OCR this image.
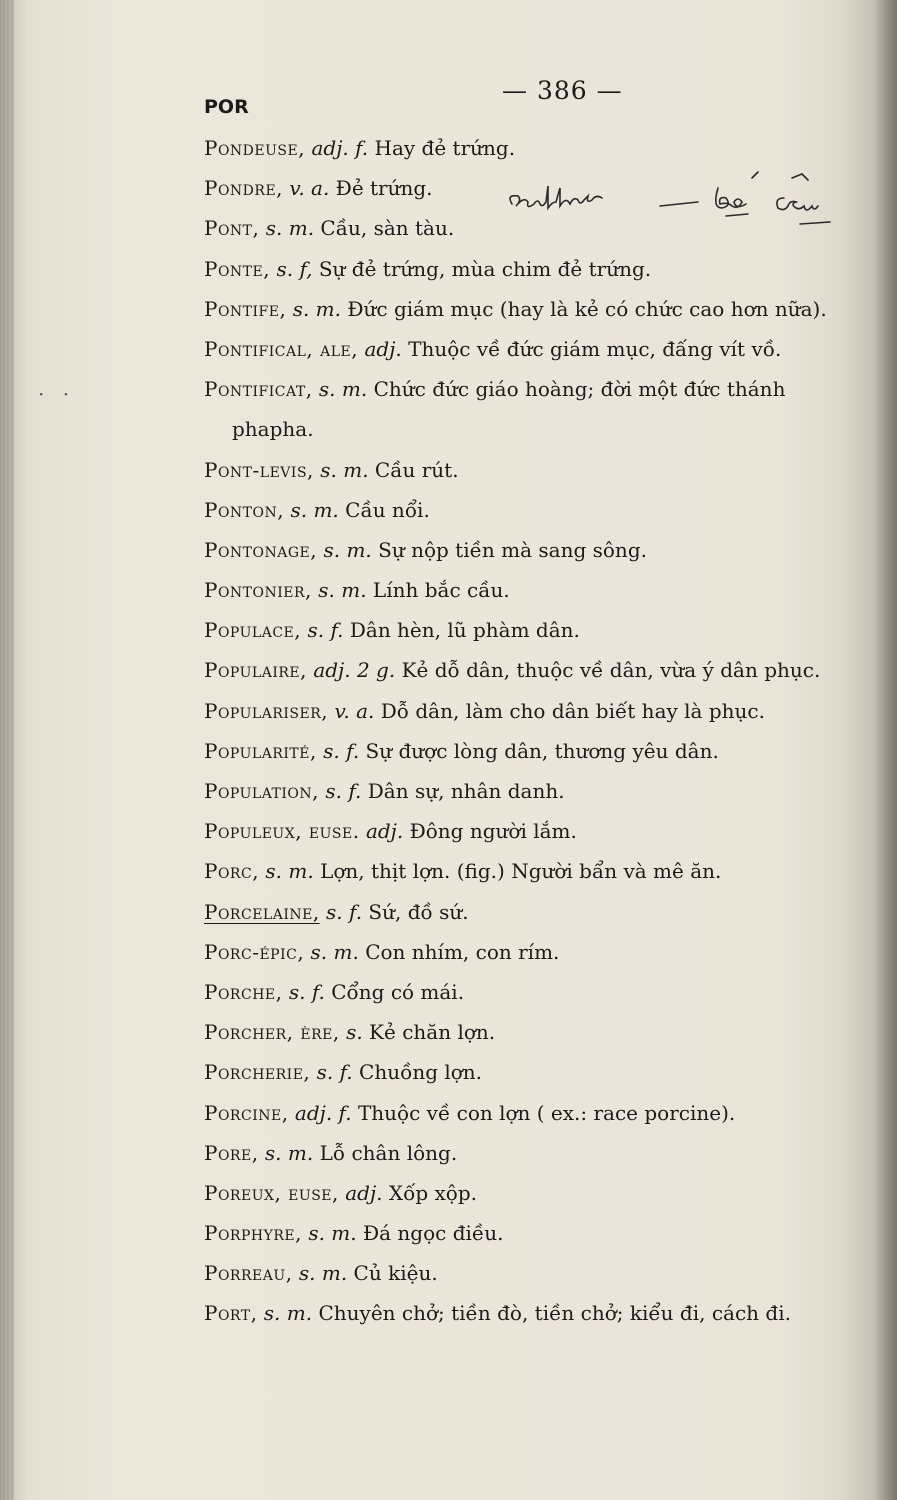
POR
— 386 —
· ·
Pondeuse, adj. f. Hay đẻ trứng.
Pondre, v. a. Đẻ trứng.
Pont, s. m. Cầu, sàn tàu.
Ponte, s. f, Sự đẻ trứng, mùa chim đẻ trứng.
Pontife, s. m. Đức giám mục (hay là kẻ có chức cao hơn nữa).
Pontifical, ale, adj. Thuộc về đức giám mục, đấng vít vồ.
Pontificat, s. m. Chức đức giáo hoàng; đời một đức thánh
phapha.
Pont-levis, s. m. Cầu rút.
Ponton, s. m. Cầu nổi.
Pontonage, s. m. Sự nộp tiền mà sang sông.
Pontonier, s. m. Lính bắc cầu.
Populace, s. f. Dân hèn, lũ phàm dân.
Populaire, adj. 2 g. Kẻ dỗ dân, thuộc về dân, vừa ý dân phục.
Populariser, v. a. Dỗ dân, làm cho dân biết hay là phục.
Popularité, s. f. Sự được lòng dân, thương yêu dân.
Population, s. f. Dân sự, nhân danh.
Populeux, euse. adj. Đông người lắm.
Porc, s. m. Lợn, thịt lợn. (fig.) Người bẩn và mê ăn.
Porcelaine, s. f. Sứ, đồ sứ.
Porc-épic, s. m. Con nhím, con rím.
Porche, s. f. Cổng có mái.
Porcher, ère, s. Kẻ chăn lợn.
Porcherie, s. f. Chuồng lợn.
Porcine, adj. f. Thuộc về con lợn ( ex.: race porcine).
Pore, s. m. Lỗ chân lông.
Poreux, euse, adj. Xốp xộp.
Porphyre, s. m. Đá ngọc điều.
Porreau, s. m. Củ kiệu.
Port, s. m. Chuyên chở; tiền đò, tiền chở; kiểu đi, cách đi.
